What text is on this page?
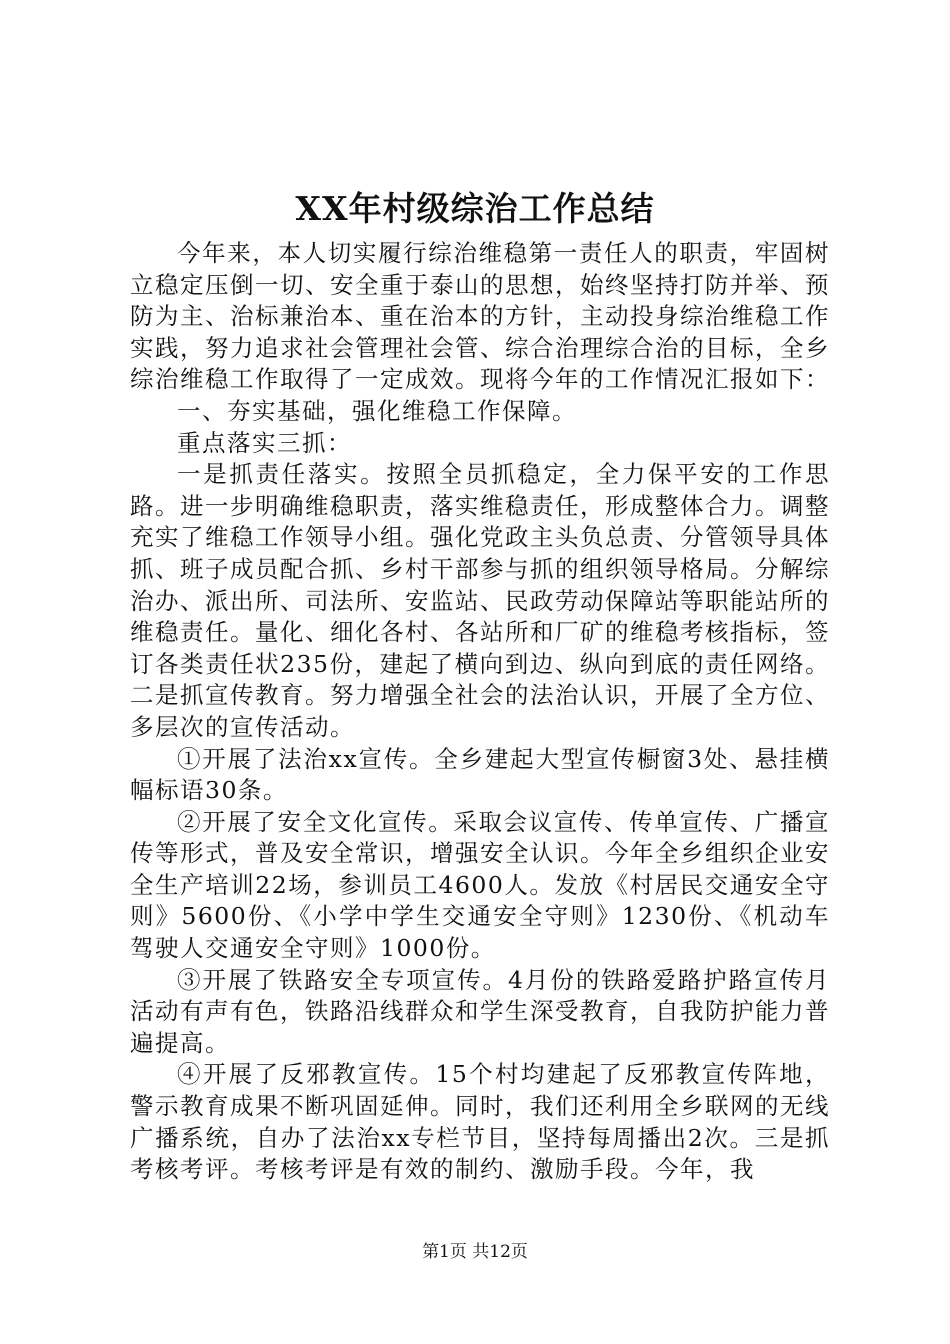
XX年村级综治工作总结

今年来，本人切实履行综治维稳第一责任人的职责，牢固树立稳定压倒一切、安全重于泰山的思想，始终坚持打防并举、预防为主、治标兼治本、重在治本的方针，主动投身综治维稳工作实践，努力追求社会管理社会管、综合治理综合治的目标，全乡综治维稳工作取得了一定成效。现将今年的工作情况汇报如下：

一、夯实基础，强化维稳工作保障。

重点落实三抓：

一是抓责任落实。按照全员抓稳定，全力保平安的工作思路。进一步明确维稳职责，落实维稳责任，形成整体合力。调整充实了维稳工作领导小组。强化党政主头负总责、分管领导具体抓、班子成员配合抓、乡村干部参与抓的组织领导格局。分解综治办、派出所、司法所、安监站、民政劳动保障站等职能站所的维稳责任。量化、细化各村、各站所和厂矿的维稳考核指标，签订各类责任状235份，建起了横向到边、纵向到底的责任网络。二是抓宣传教育。努力增强全社会的法治认识，开展了全方位、多层次的宣传活动。

①开展了法治xx宣传。全乡建起大型宣传橱窗3处、悬挂横幅标语30条。

②开展了安全文化宣传。采取会议宣传、传单宣传、广播宣传等形式，普及安全常识，增强安全认识。今年全乡组织企业安全生产培训22场，参训员工4600人。发放《村居民交通安全守则》5600份、《小学中学生交通安全守则》1230份、《机动车驾驶人交通安全守则》1000份。

③开展了铁路安全专项宣传。4月份的铁路爱路护路宣传月活动有声有色，铁路沿线群众和学生深受教育，自我防护能力普遍提高。

④开展了反邪教宣传。15个村均建起了反邪教宣传阵地，警示教育成果不断巩固延伸。同时，我们还利用全乡联网的无线广播系统，自办了法治xx专栏节目，坚持每周播出2次。三是抓考核考评。考核考评是有效的制约、激励手段。今年，我

第1页 共12页
